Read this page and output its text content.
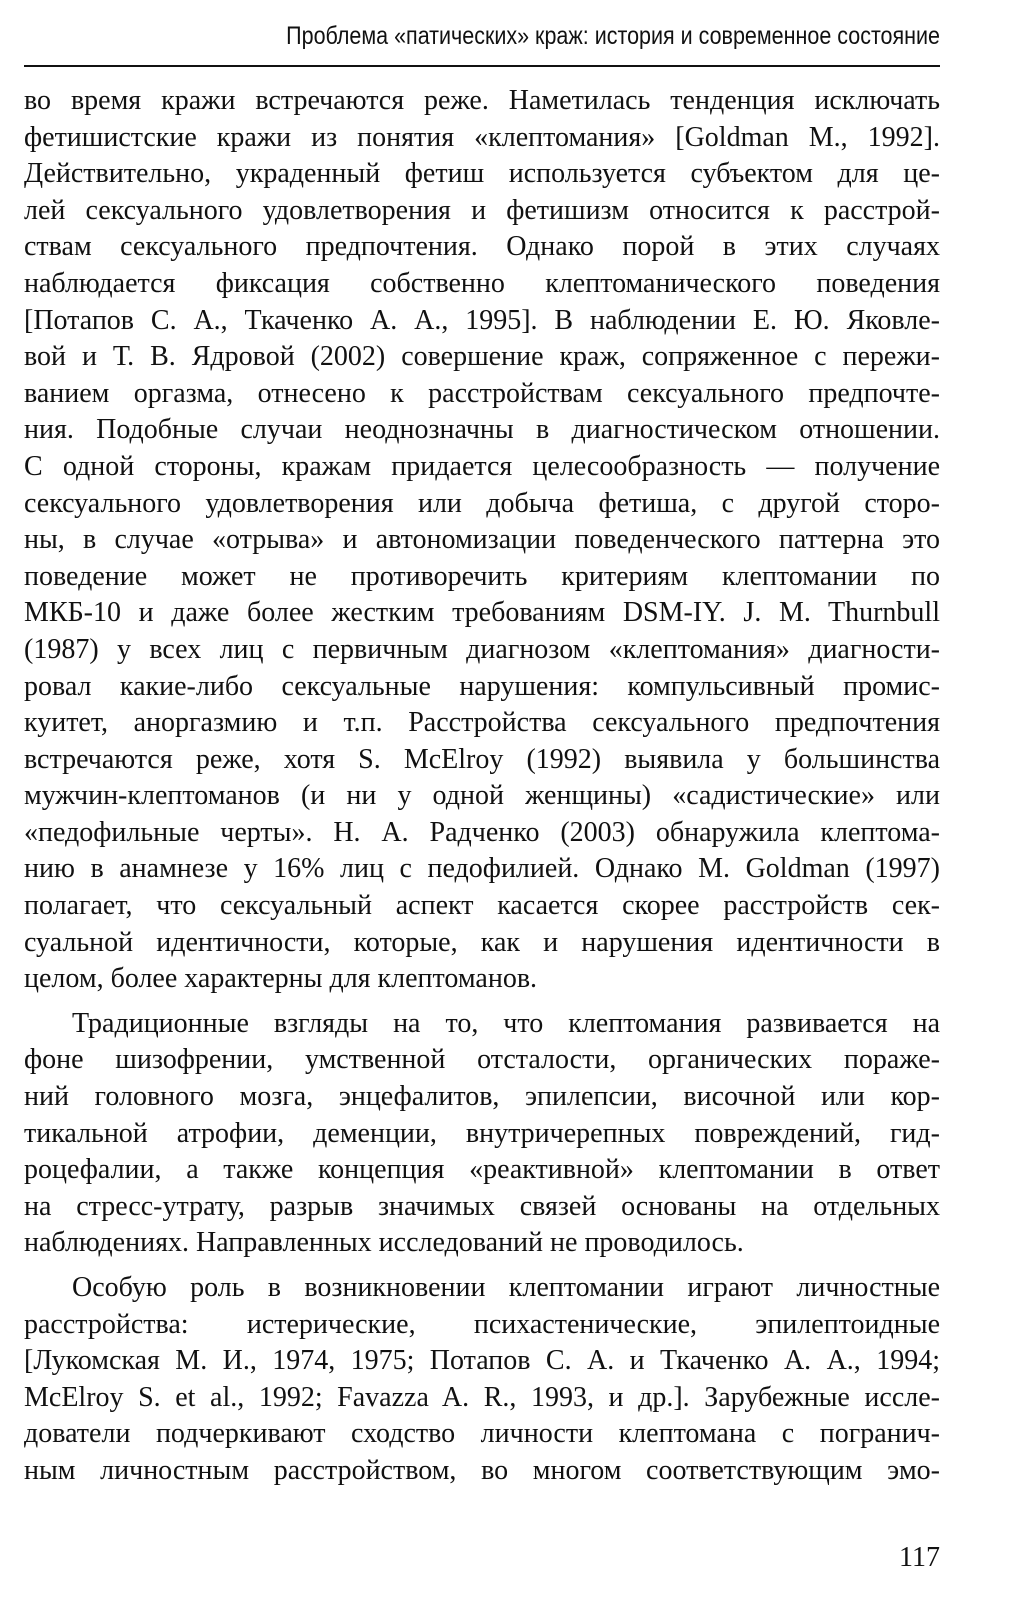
Проблема «патических» краж: история и современное состояние
во время кражи встречаются реже. Наметилась тенденция исключать
фетишистские кражи из понятия «клептомания» [Goldman М., 1992].
Действительно, украденный фетиш используется субъектом для це-
лей сексуального удовлетворения и фетишизм относится к расстрой-
ствам сексуального предпочтения. Однако порой в этих случаях
наблюдается фиксация собственно клептоманического поведения
[Потапов С. А., Ткаченко А. А., 1995]. В наблюдении Е. Ю. Яковле-
вой и Т. В. Ядровой (2002) совершение краж, сопряженное с пережи-
ванием оргазма, отнесено к расстройствам сексуального предпочте-
ния. Подобные случаи неоднозначны в диагностическом отношении.
С одной стороны, кражам придается целесообразность — получение
сексуального удовлетворения или добыча фетиша, с другой сторо-
ны, в случае «отрыва» и автономизации поведенческого паттерна это
поведение может не противоречить критериям клептомании по
МКБ-10 и даже более жестким требованиям DSM-IY. J. M. Thurnbull
(1987) у всех лиц с первичным диагнозом «клептомания» диагности-
ровал какие-либо сексуальные нарушения: компульсивный промис-
куитет, аноргазмию и т.п. Расстройства сексуального предпочтения
встречаются реже, хотя S. McElroy (1992) выявила у большинства
мужчин-клептоманов (и ни у одной женщины) «садистические» или
«педофильные черты». Н. А. Радченко (2003) обнаружила клептома-
нию в анамнезе у 16% лиц с педофилией. Однако М. Goldman (1997)
полагает, что сексуальный аспект касается скорее расстройств сек-
суальной идентичности, которые, как и нарушения идентичности в
целом, более характерны для клептоманов.
Традиционные взгляды на то, что клептомания развивается на
фоне шизофрении, умственной отсталости, органических пораже-
ний головного мозга, энцефалитов, эпилепсии, височной или кор-
тикальной атрофии, деменции, внутричерепных повреждений, гид-
роцефалии, а также концепция «реактивной» клептомании в ответ
на стресс-утрату, разрыв значимых связей основаны на отдельных
наблюдениях. Направленных исследований не проводилось.
Особую роль в возникновении клептомании играют личностные
расстройства: истерические, психастенические, эпилептоидные
[Лукомская М. И., 1974, 1975; Потапов С. А. и Ткаченко А. А., 1994;
McElroy S. et al., 1992; Favazza A. R., 1993, и др.]. Зарубежные иссле-
дователи подчеркивают сходство личности клептомана с погранич-
ным личностным расстройством, во многом соответствующим эмо-
117
